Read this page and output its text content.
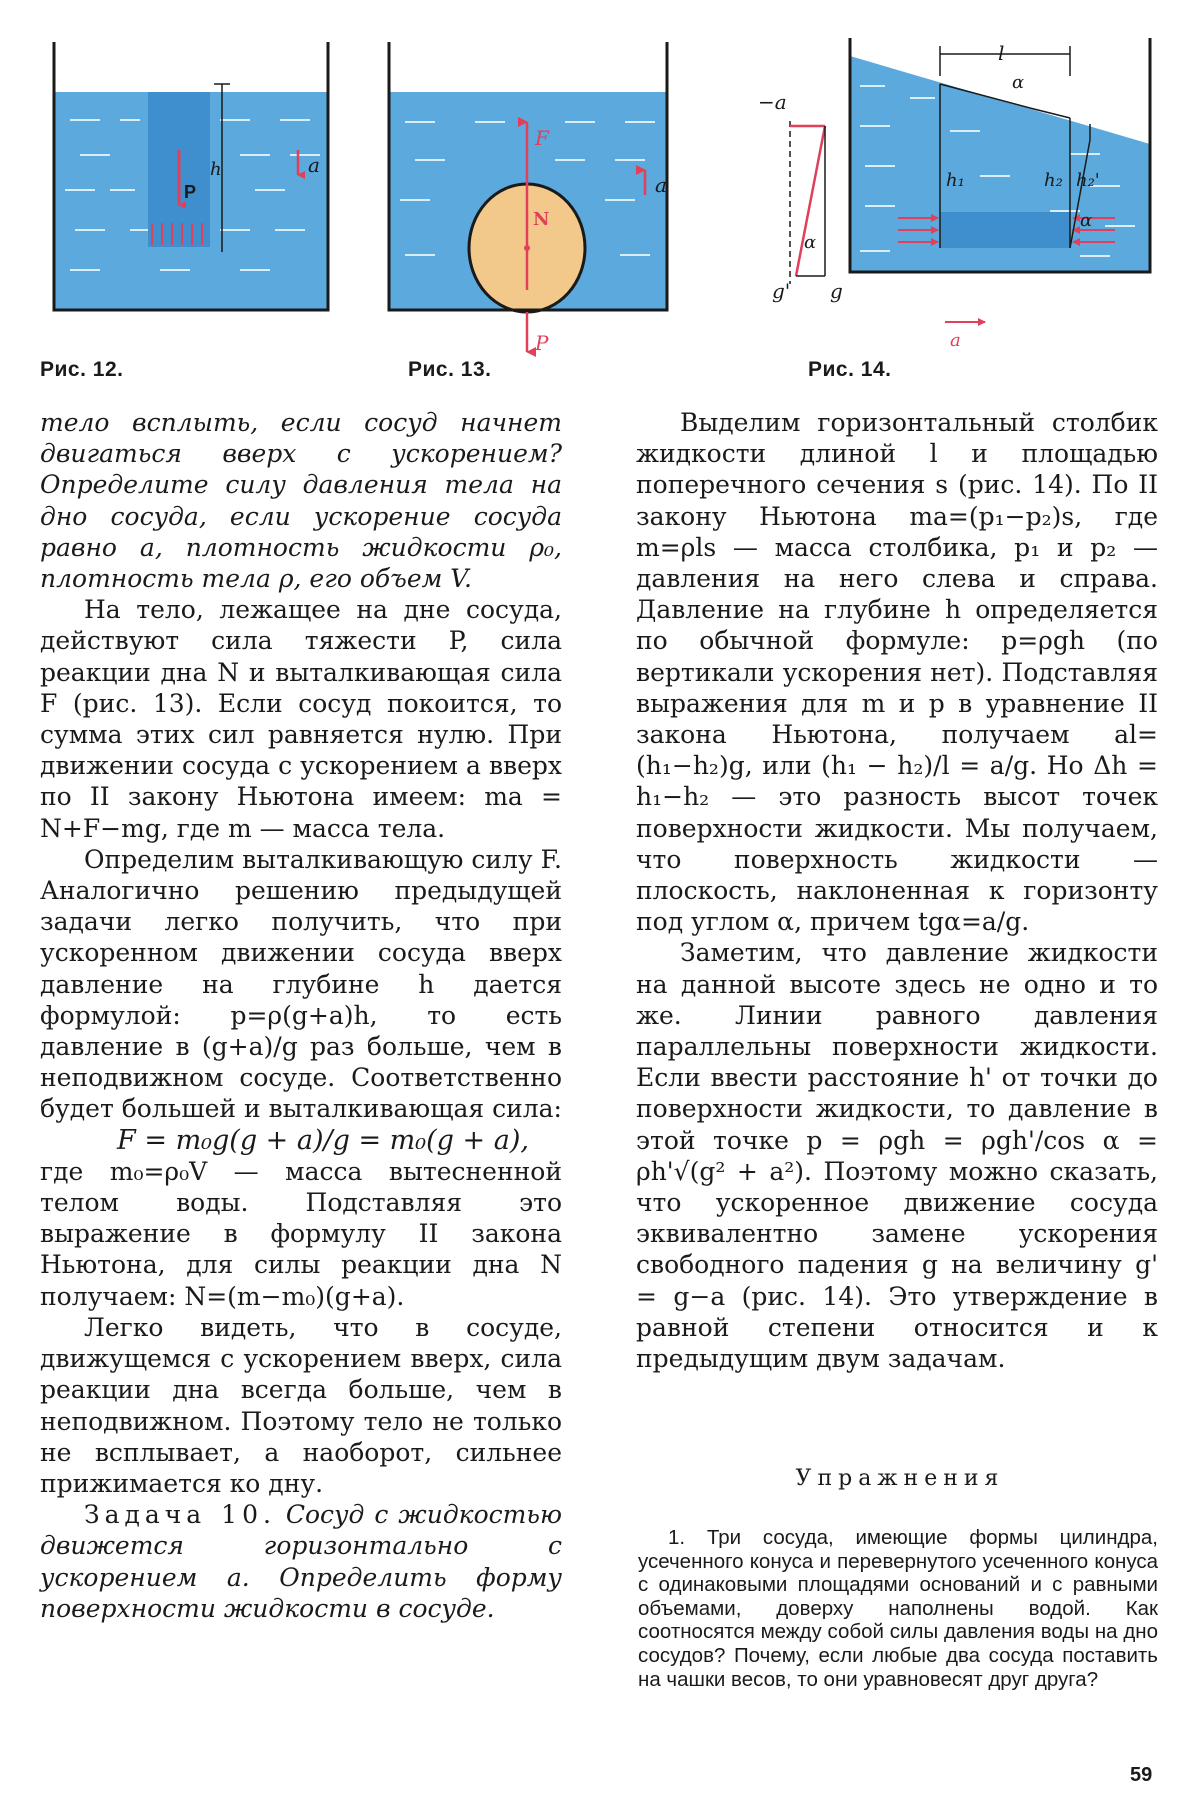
P
h	a
Рис. 12.
F
N
P
a
Рис. 13.
h₁	h₂ h₂'
α
l
α
−a
α
g' g
a
Рис. 14.

тело всплыть, если сосуд начнет двигаться вверх с ускорением? Определите силу давления тела на дно сосуда, если ускорение сосуда равно a, плотность жидкости ρ₀, плотность тела ρ, его объем V.

На тело, лежащее на дне сосуда, действуют сила тяжести P, сила реакции дна N и выталкивающая сила F (рис. 13). Если сосуд покоится, то сумма этих сил равняется нулю. При движении сосуда с ускорением a вверх по II закону Ньютона имеем: ma = N+F−mg, где m — масса тела.

Определим выталкивающую силу F. Аналогично решению предыдущей задачи легко получить, что при ускоренном движении сосуда вверх давление на глубине h дается формулой: p=ρ(g+a)h, то есть давление в (g+a)/g раз больше, чем в неподвижном сосуде. Соответственно будет большей и выталкивающая сила:

F = m₀g(g + a)/g = m₀(g + a),

где m₀=ρ₀V — масса вытесненной телом воды. Подставляя это выражение в формулу II закона Ньютона, для силы реакции дна N получаем: N=(m−m₀)(g+a).

Легко видеть, что в сосуде, движущемся с ускорением вверх, сила реакции дна всегда больше, чем в неподвижном. Поэтому тело не только не всплывает, а наоборот, сильнее прижимается ко дну.

Задача 10. Сосуд с жидкостью движется горизонтально с ускорением a. Определить форму поверхности жидкости в сосуде.

Выделим горизонтальный столбик жидкости длиной l и площадью поперечного сечения s (рис. 14). По II закону Ньютона ma=(p₁−p₂)s, где m=ρls — масса столбика, p₁ и p₂ — давления на него слева и справа. Давление на глубине h определяется по обычной формуле: p=ρgh (по вертикали ускорения нет). Подставляя выражения для m и p в уравнение II закона Ньютона, получаем al=(h₁−h₂)g, или (h₁ − h₂)/l = a/g. Но Δh = h₁−h₂ — это разность высот точек поверхности жидкости. Мы получаем, что поверхность жидкости — плоскость, наклоненная к горизонту под углом α, причем tgα=a/g.

Заметим, что давление жидкости на данной высоте здесь не одно и то же. Линии равного давления параллельны поверхности жидкости. Если ввести расстояние h' от точки до поверхности жидкости, то давление в этой точке p = ρgh = ρgh'/cos α = ρh'√(g² + a²). Поэтому можно сказать, что ускоренное движение сосуда эквивалентно замене ускорения свободного падения g на величину g' = g−a (рис. 14). Это утверждение в равной степени относится и к предыдущим двум задачам.

Упражнения

1. Три сосуда, имеющие формы цилиндра, усеченного конуса и перевернутого усеченного конуса с одинаковыми площадями оснований и с равными объемами, доверху наполнены водой. Как соотносятся между собой силы давления воды на дно сосудов? Почему, если любые два сосуда поставить на чашки весов, то они уравновесят друг друга?

59
